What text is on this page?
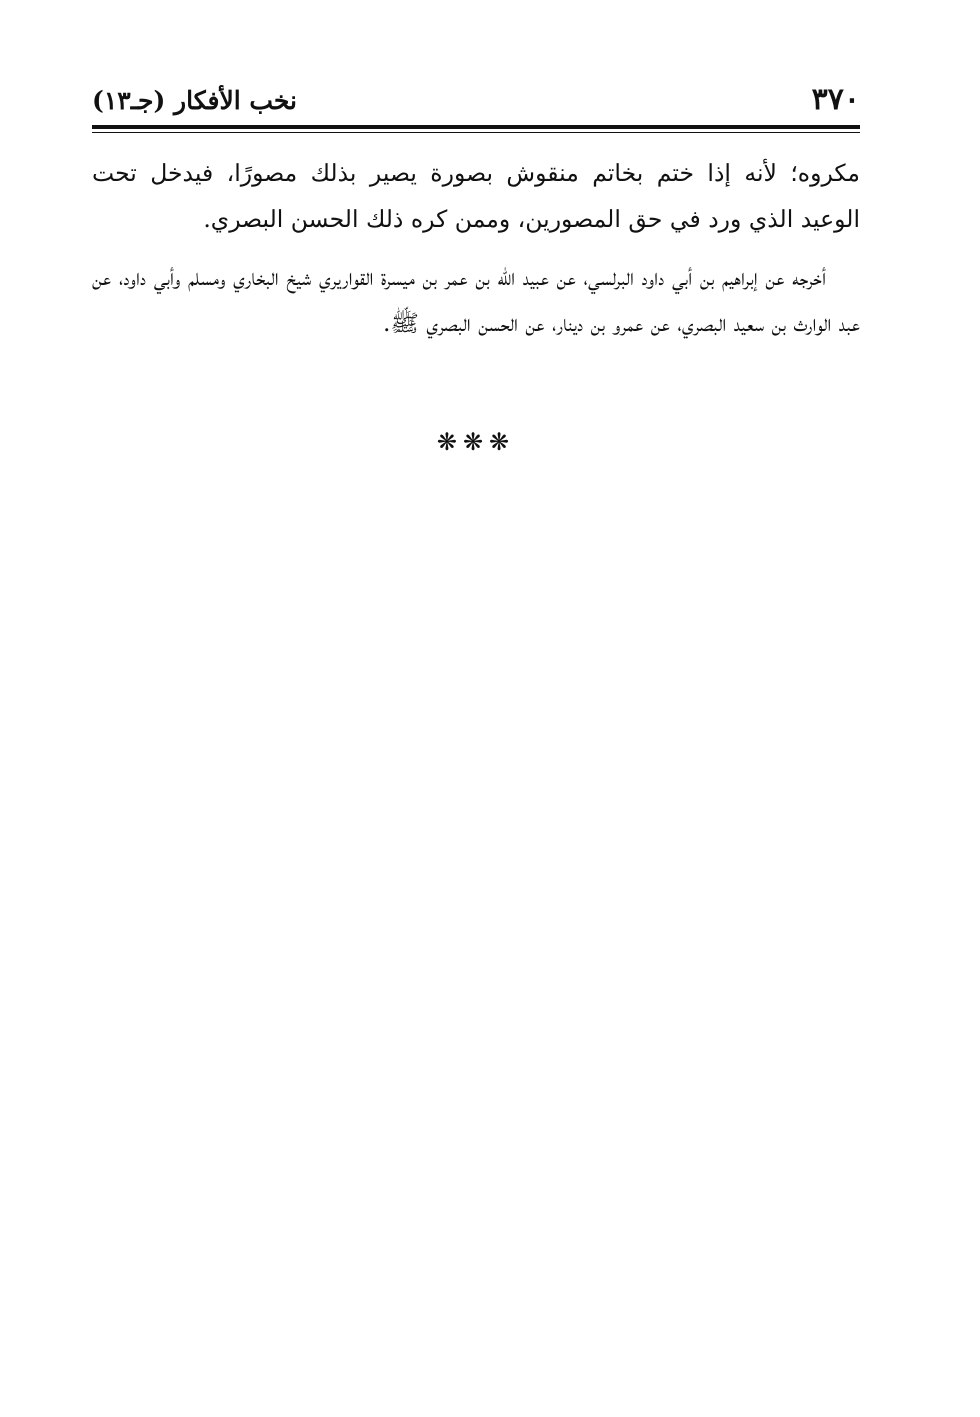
٣٧٠
نخب الأفكار (جـ١٣)

مكروه؛ لأنه إذا ختم بخاتم منقوش بصورة يصير بذلك مصورًا، فيدخل تحت الوعيد الذي ورد في حق المصورين، وممن كره ذلك الحسن البصري.

أخرجه عن إبراهيم بن أبي داود البرلسي، عن عبيد الله بن عمر بن ميسرة القواريري شيخ البخاري ومسلم وأبي داود، عن عبد الوارث بن سعيد البصري، عن عمرو بن دينار، عن الحسن البصري ﷺ.

❋❋❋
